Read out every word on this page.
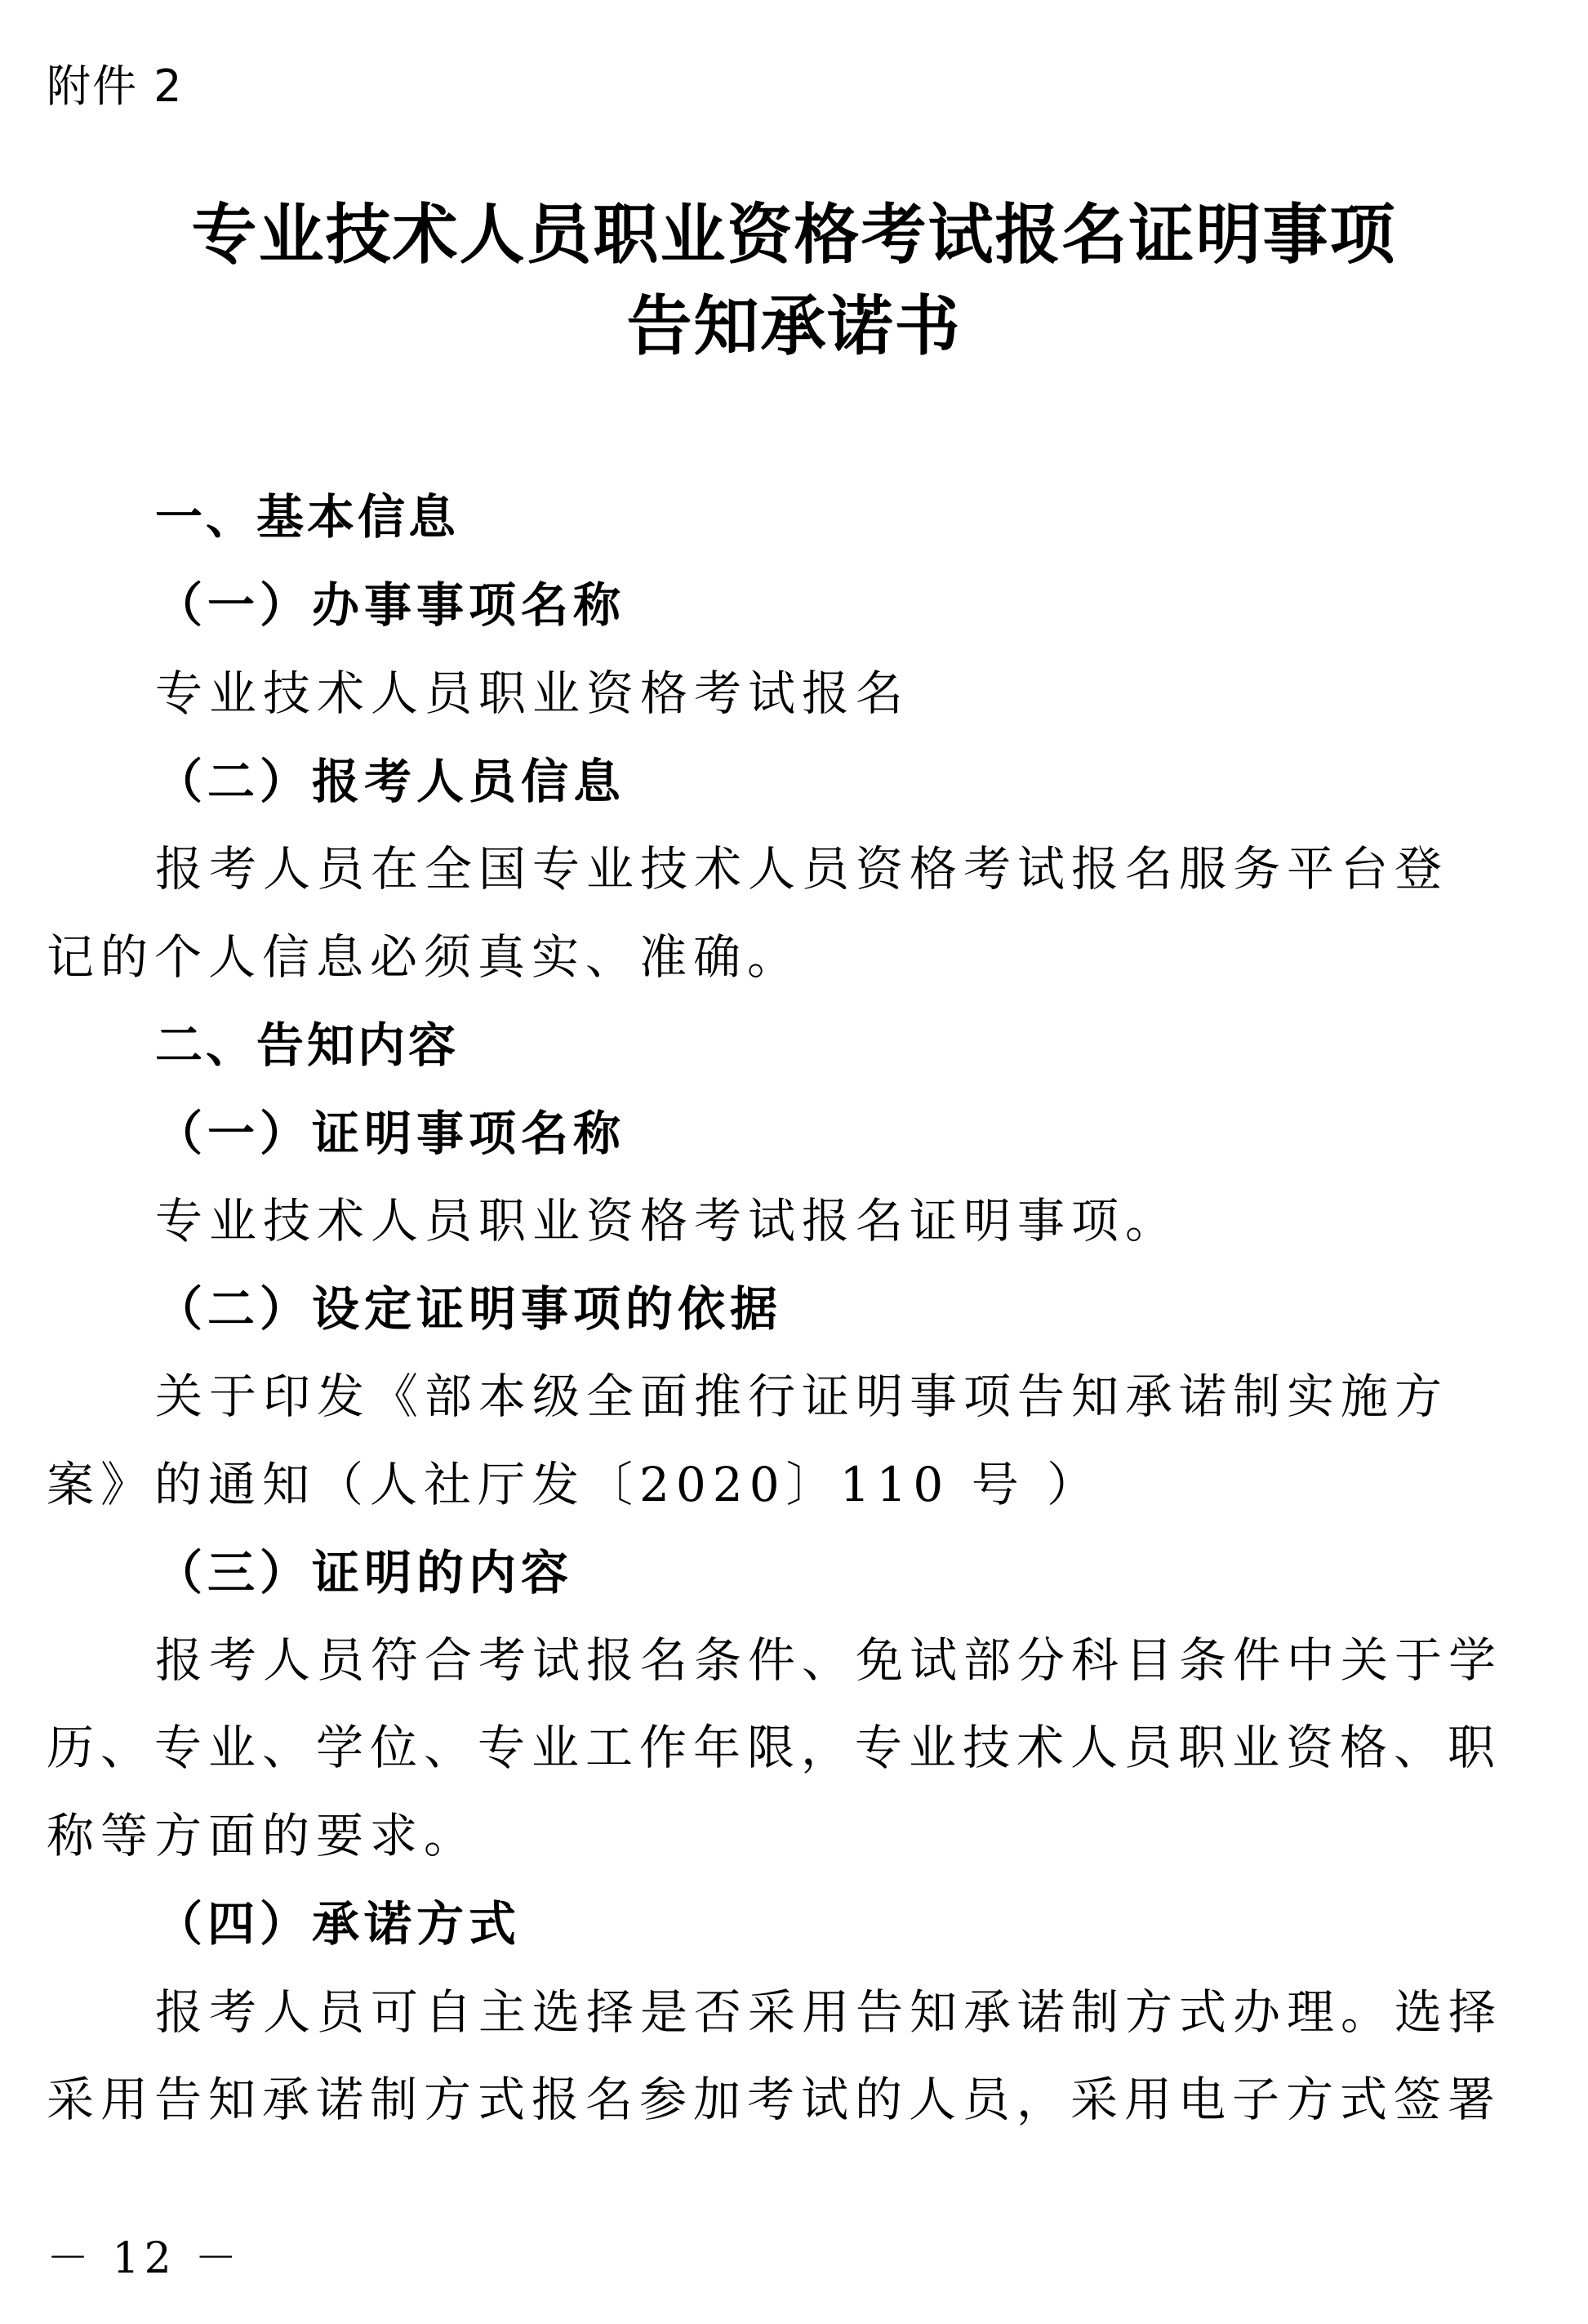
附件 2
专业技术人员职业资格考试报名证明事项
告知承诺书
一、基本信息
（一）办事事项名称
专业技术人员职业资格考试报名
（二）报考人员信息
报考人员在全国专业技术人员资格考试报名服务平台登
记的个人信息必须真实、准确。
二、告知内容
（一）证明事项名称
专业技术人员职业资格考试报名证明事项。
（二）设定证明事项的依据
关于印发《部本级全面推行证明事项告知承诺制实施方
案》的通知（人社厅发〔2020〕110 号 ）
（三）证明的内容
报考人员符合考试报名条件、免试部分科目条件中关于学
历、专业、学位、专业工作年限，专业技术人员职业资格、职
称等方面的要求。
（四）承诺方式
报考人员可自主选择是否采用告知承诺制方式办理。选择
采用告知承诺制方式报名参加考试的人员，采用电子方式签署
－ 12 －
